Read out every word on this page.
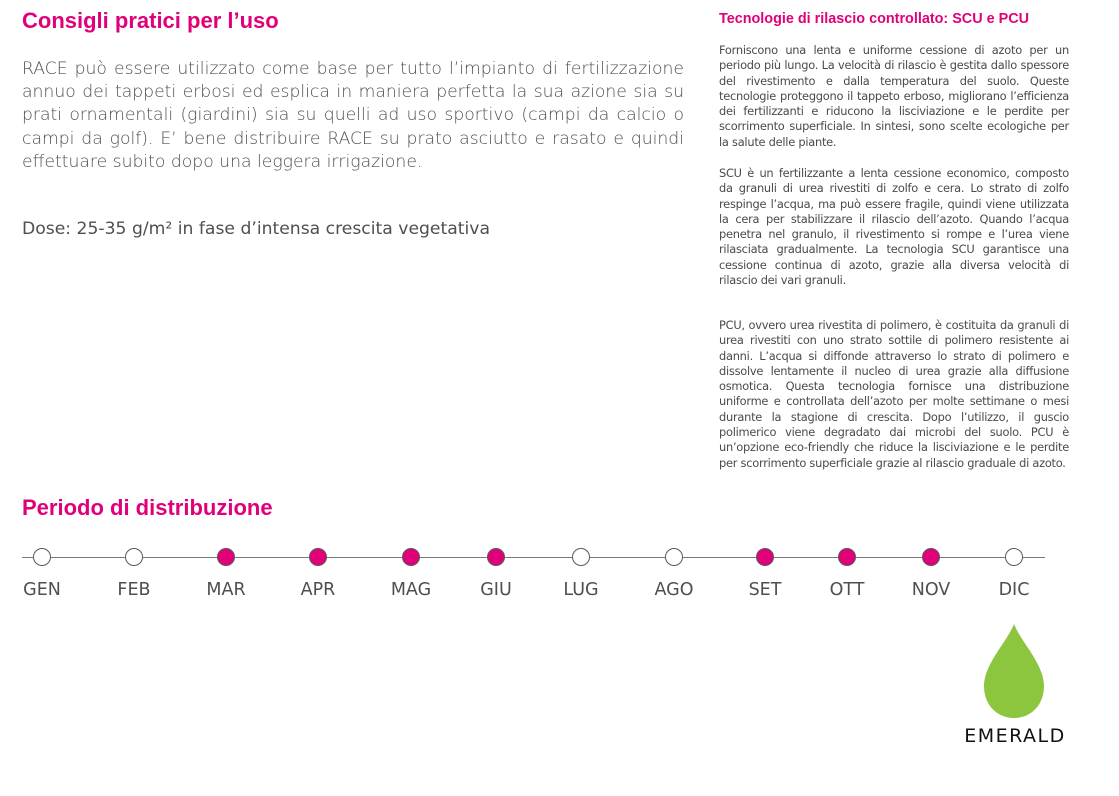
Consigli pratici per l’uso

RACE può essere utilizzato come base per tutto l’impianto di fertilizzazione annuo dei tappeti erbosi ed esplica in maniera perfetta la sua azione sia su prati ornamentali (giardini) sia su quelli ad uso sportivo (campi da calcio o campi da golf). E’ bene distribuire RACE su prato asciutto e rasato e quindi effettuare subito dopo una leggera irrigazione.

Dose: 25-35 g/m² in fase d’intensa crescita vegetativa

Tecnologie di rilascio controllato: SCU e PCU

Forniscono una lenta e uniforme cessione di azoto per un periodo più lungo. La velocità di rilascio è gestita dallo spessore del rivestimento e dalla temperatura del suolo. Queste tecnologie proteggono il tappeto erboso, migliorano l’efficienza dei fertilizzanti e riducono la lisciviazione e le perdite per scorrimento superficiale. In sintesi, sono scelte ecologiche per la salute delle piante.

SCU è un fertilizzante a lenta cessione economico, composto da granuli di urea rivestiti di zolfo e cera. Lo strato di zolfo respinge l’acqua, ma può essere fragile, quindi viene utilizzata la cera per stabilizzare il rilascio dell’azoto. Quando l’acqua penetra nel granulo, il rivestimento si rompe e l’urea viene rilasciata gradualmente. La tecnologia SCU garantisce una cessione continua di azoto, grazie alla diversa velocità di rilascio dei vari granuli.

PCU, ovvero urea rivestita di polimero, è costituita da granuli di urea rivestiti con uno strato sottile di polimero resistente ai danni. L’acqua si diffonde attraverso lo strato di polimero e dissolve lentamente il nucleo di urea grazie alla diffusione osmotica. Questa tecnologia fornisce una distribuzione uniforme e controllata dell’azoto per molte settimane o mesi durante la stagione di crescita. Dopo l’utilizzo, il guscio polimerico viene degradato dai microbi del suolo. PCU è un’opzione eco-friendly che riduce la lisciviazione e le perdite per scorrimento superficiale grazie al rilascio graduale di azoto.

Periodo di distribuzione
GEN	FEB	MAR	APR	MAG	GIU	LUG	AGO	SET	OTT	NOV	DIC
EMERALD
